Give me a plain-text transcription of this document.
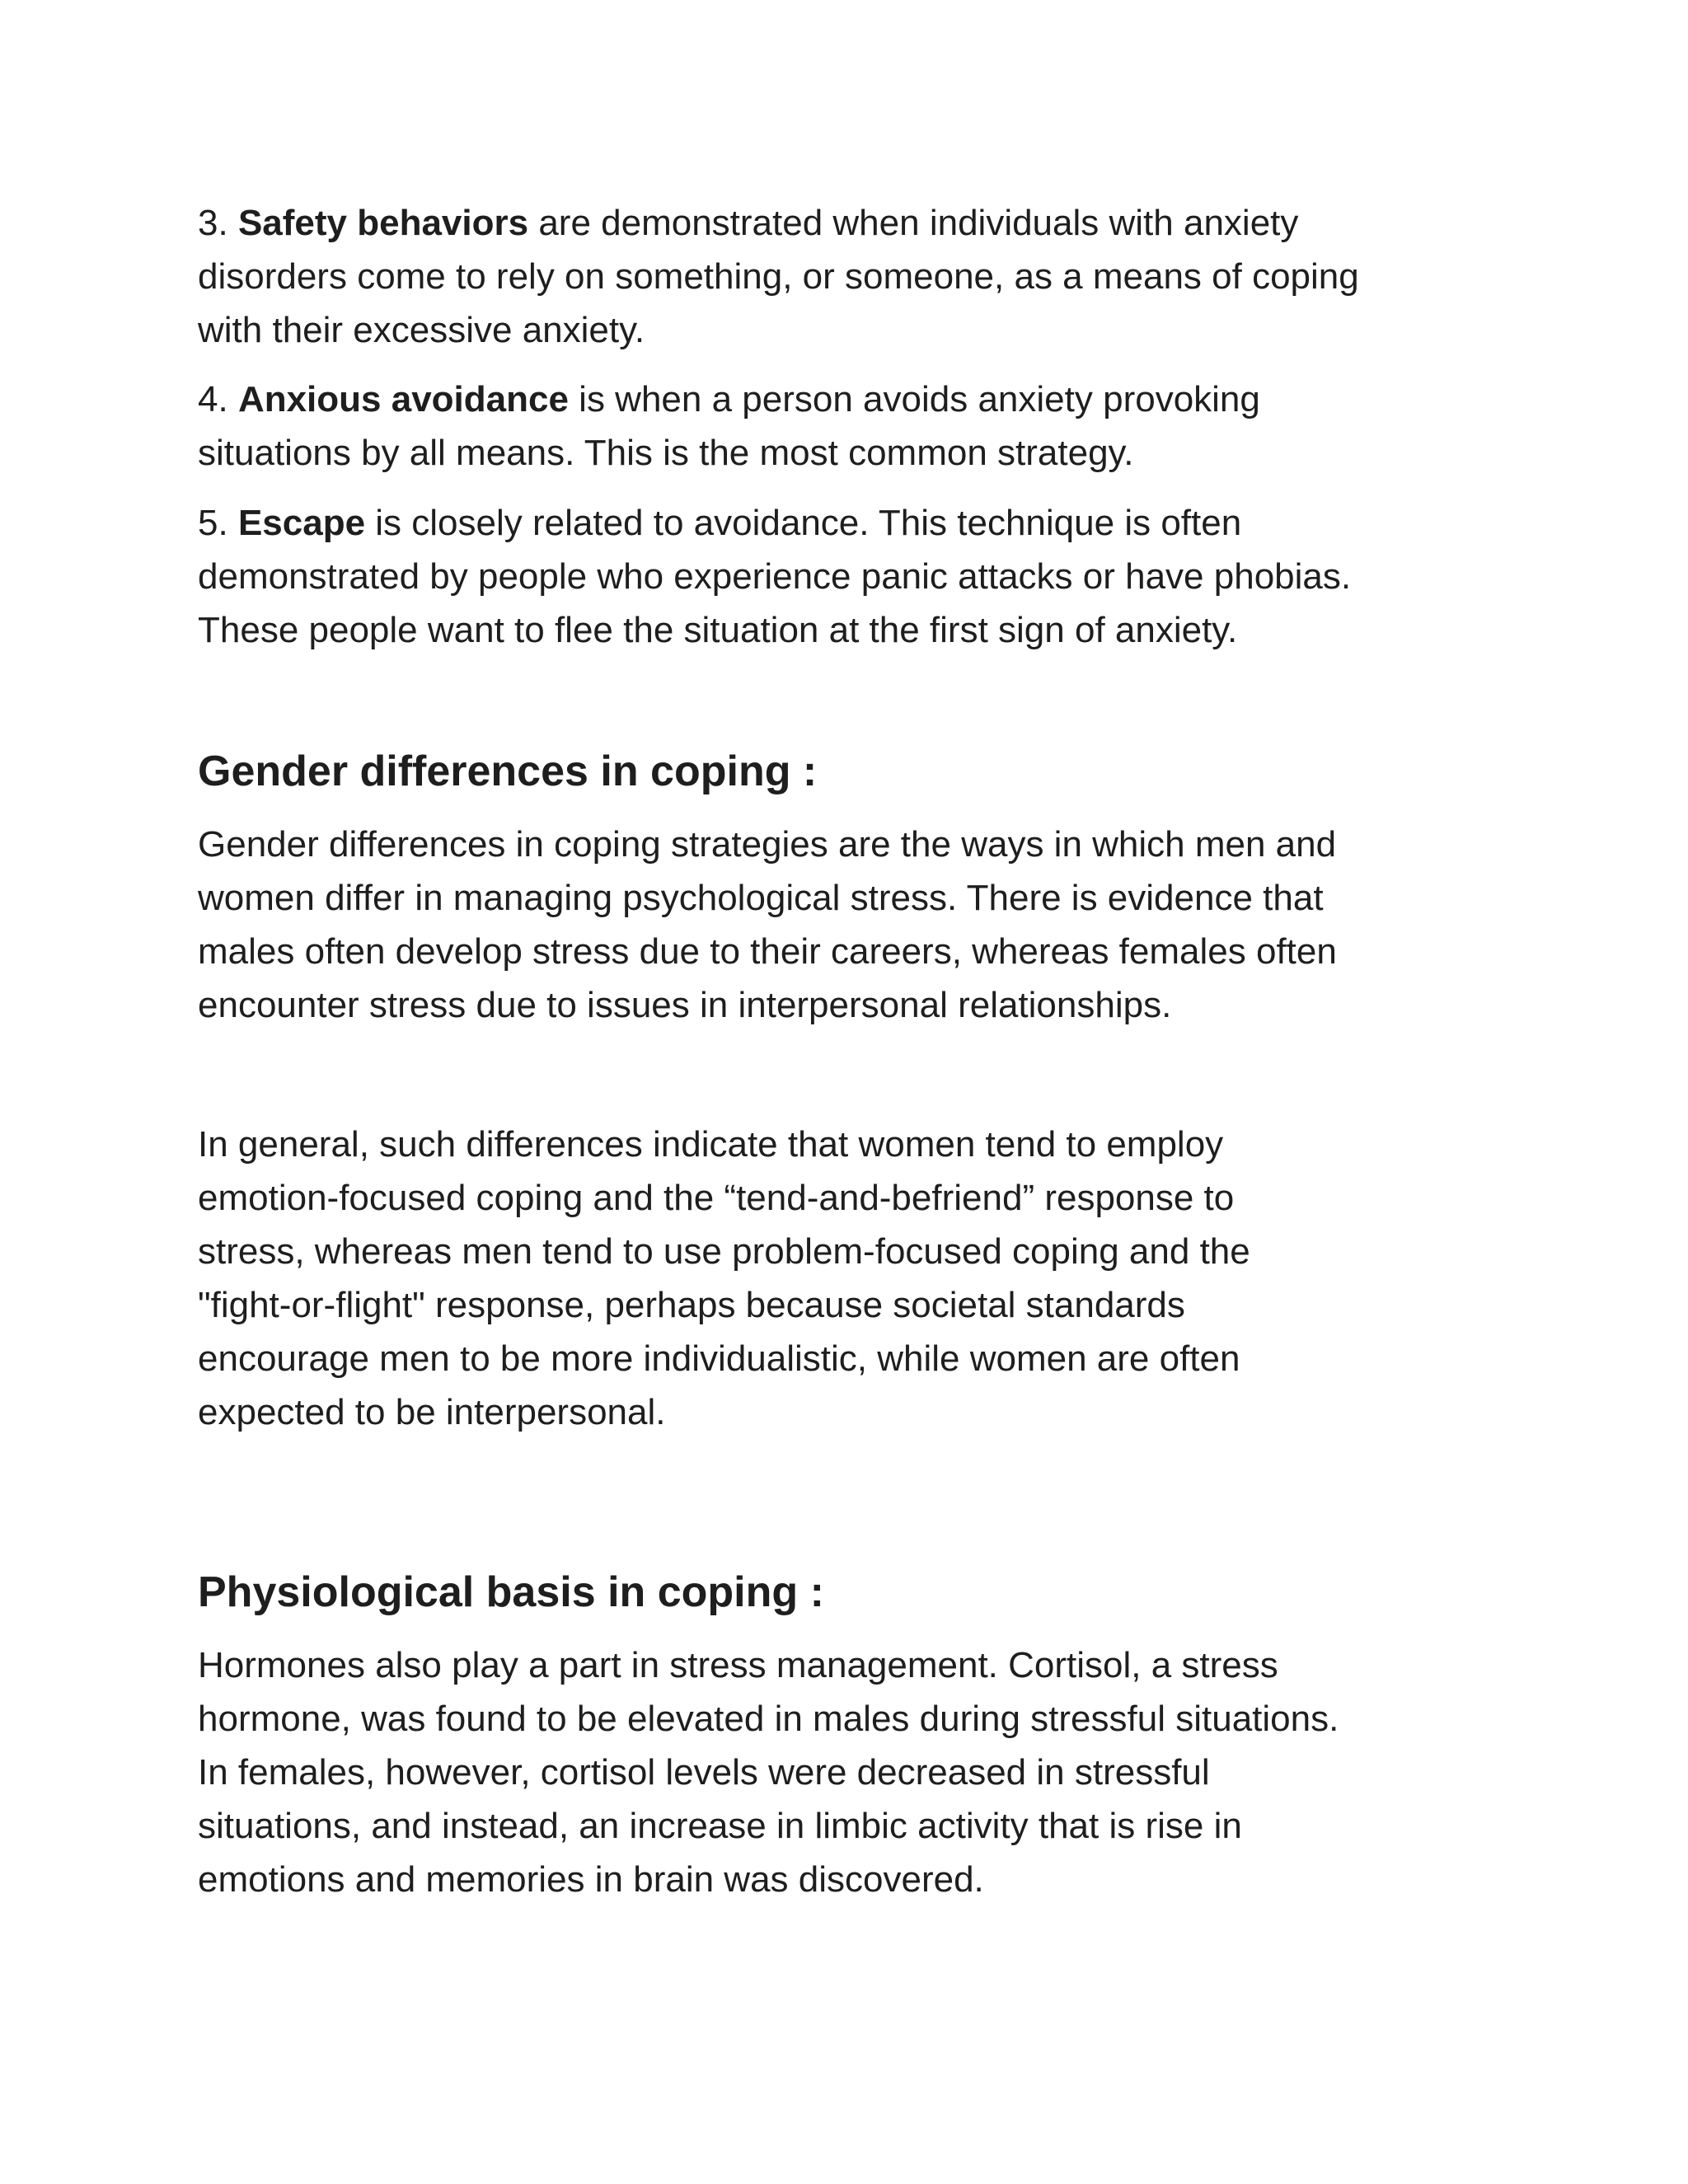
3. Safety behaviors are demonstrated when individuals with anxiety
disorders come to rely on something, or someone, as a means of coping
with their excessive anxiety.
4. Anxious avoidance is when a person avoids anxiety provoking
situations by all means. This is the most common strategy.
5. Escape is closely related to avoidance. This technique is often
demonstrated by people who experience panic attacks or have phobias.
These people want to flee the situation at the first sign of anxiety.
Gender differences in coping :
Gender differences in coping strategies are the ways in which men and
women differ in managing psychological stress. There is evidence that
males often develop stress due to their careers, whereas females often
encounter stress due to issues in interpersonal relationships.
In general, such differences indicate that women tend to employ
emotion-focused coping and the “tend-and-befriend” response to
stress, whereas men tend to use problem-focused coping and the
"fight-or-flight" response, perhaps because societal standards
encourage men to be more individualistic, while women are often
expected to be interpersonal.
Physiological basis in coping :
Hormones also play a part in stress management. Cortisol, a stress
hormone, was found to be elevated in males during stressful situations.
In females, however, cortisol levels were decreased in stressful
situations, and instead, an increase in limbic activity that is rise in
emotions and memories in brain was discovered.
